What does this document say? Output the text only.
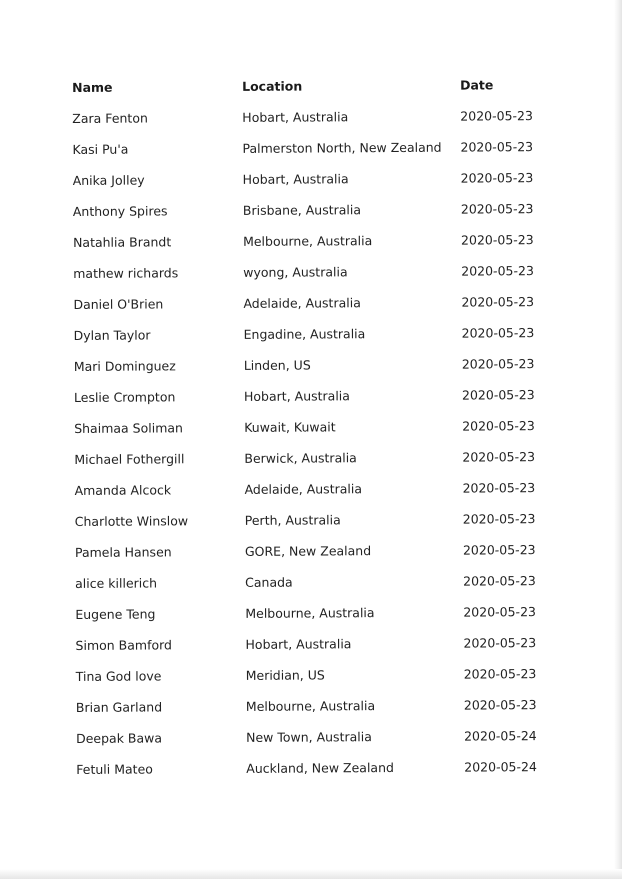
Name	Location	Date
Zara Fenton	Hobart, Australia	2020-05-23
Kasi Pu'a	Palmerston North, New Zealand	2020-05-23
Anika Jolley	Hobart, Australia	2020-05-23
Anthony Spires	Brisbane, Australia	2020-05-23
Natahlia Brandt	Melbourne, Australia	2020-05-23
mathew richards	wyong, Australia	2020-05-23
Daniel O'Brien	Adelaide, Australia	2020-05-23
Dylan Taylor	Engadine, Australia	2020-05-23
Mari Dominguez	Linden, US	2020-05-23
Leslie Crompton	Hobart, Australia	2020-05-23
Shaimaa Soliman	Kuwait, Kuwait	2020-05-23
Michael Fothergill	Berwick, Australia	2020-05-23
Amanda Alcock	Adelaide, Australia	2020-05-23
Charlotte Winslow	Perth, Australia	2020-05-23
Pamela Hansen	GORE, New Zealand	2020-05-23
alice killerich	Canada	2020-05-23
Eugene Teng	Melbourne, Australia	2020-05-23
Simon Bamford	Hobart, Australia	2020-05-23
Tina God love	Meridian, US	2020-05-23
Brian Garland	Melbourne, Australia	2020-05-23
Deepak Bawa	New Town, Australia	2020-05-24
Fetuli Mateo	Auckland, New Zealand	2020-05-24
